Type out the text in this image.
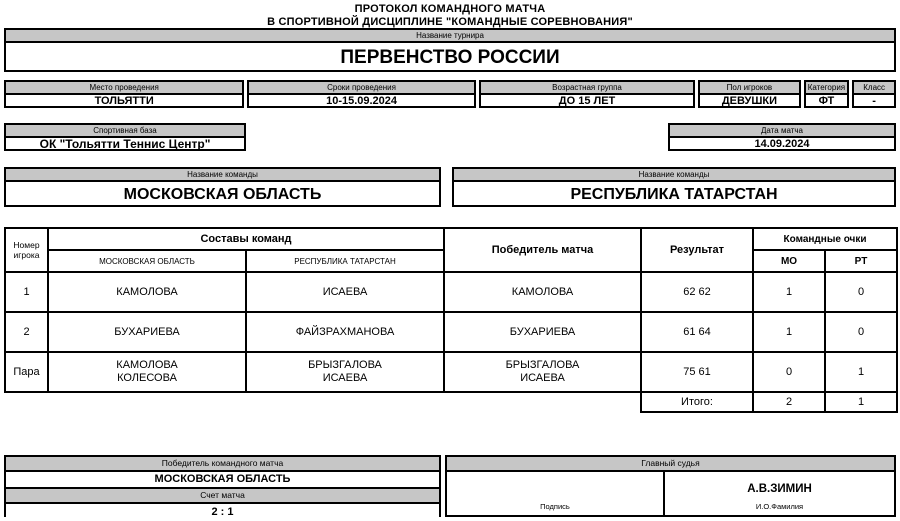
ПРОТОКОЛ КОМАНДНОГО МАТЧА
В СПОРТИВНОЙ ДИСЦИПЛИНЕ "КОМАНДНЫЕ СОРЕВНОВАНИЯ"
Название турнира
ПЕРВЕНСТВО РОССИИ
Место проведения
ТОЛЬЯТТИ
Сроки проведения
10-15.09.2024
Возрастная группа
ДО 15 ЛЕТ
Пол игроков
ДЕВУШКИ
Категория
ФТ
Класс
-
Спортивная база
ОК "Тольятти Теннис Центр"
Дата матча
14.09.2024
Название команды
МОСКОВСКАЯ ОБЛАСТЬ
Название команды
РЕСПУБЛИКА ТАТАРСТАН
Номер
игрока	Составы команд		Победитель матча	Результат	Командные очки	
	МОСКОВСКАЯ ОБЛАСТЬ	РЕСПУБЛИКА ТАТАРСТАН			МО	РТ
1	КАМОЛОВА	ИСАЕВА	КАМОЛОВА	62 62	1	0
2	БУХАРИЕВА	ФАЙЗРАХМАНОВА	БУХАРИЕВА	61 64	1	0
Пара	КАМОЛОВА
КОЛЕСОВА	БРЫЗГАЛОВА
ИСАЕВА	БРЫЗГАЛОВА
ИСАЕВА	75 61	0	1
				Итого:	2	1
Победитель командного матча
МОСКОВСКАЯ ОБЛАСТЬ
Счет матча
2 : 1
Главный судья
Подпись
А.В.ЗИМИН
И.О.Фамилия
